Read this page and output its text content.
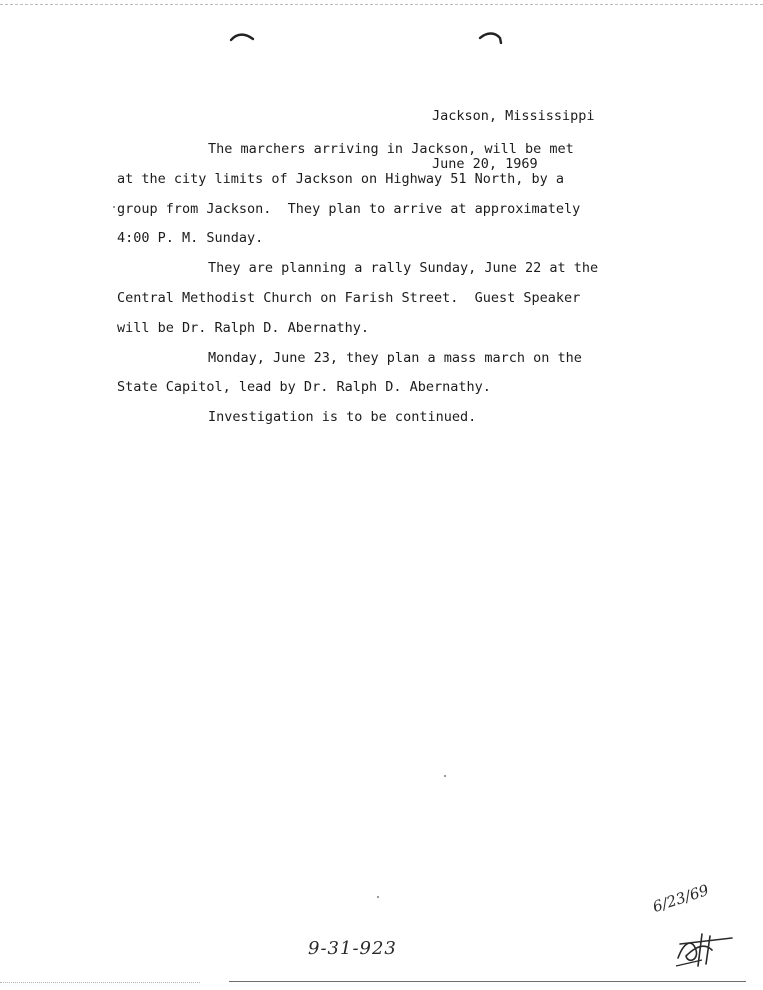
Jackson, Mississippi

June 20, 1969

The marchers arriving in Jackson, will be met
at the city limits of Jackson on Highway 51 North, by a
group from Jackson.  They plan to arrive at approximately
4:00 P. M. Sunday.

They are planning a rally Sunday, June 22 at the
Central Methodist Church on Farish Street.  Guest Speaker
will be Dr. Ralph D. Abernathy.

Monday, June 23, they plan a mass march on the
State Capitol, lead by Dr. Ralph D. Abernathy.

Investigation is to be continued.

9-31-923
6/23/69
